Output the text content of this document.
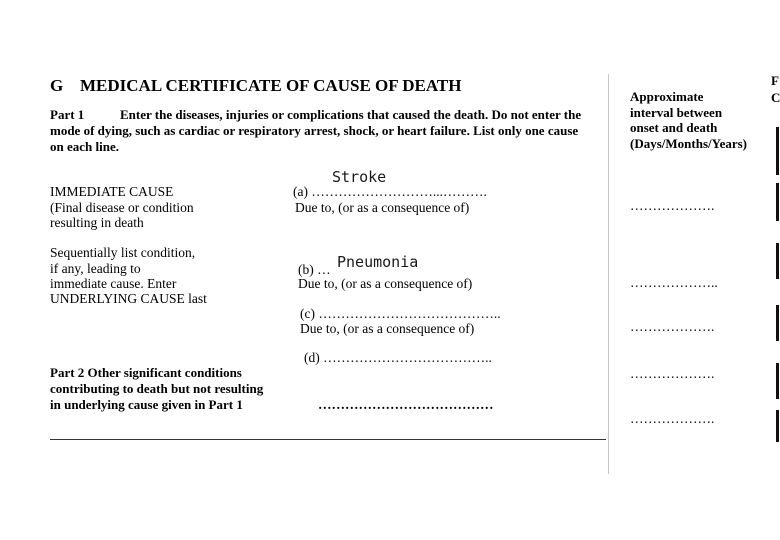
G MEDICAL CERTIFICATE OF CAUSE OF DEATH
Part 1	Enter the diseases, injuries or complications that caused the death. Do not enter the
mode of dying, such as cardiac or respiratory arrest, shock, or heart failure. List only one cause
on each line.
Approximate
interval between
onset and death
(Days/Months/Years)
F
C
IMMEDIATE CAUSE
(Final disease or condition
resulting in death
Stroke
(a) ………………………...……….
Due to, (or as a consequence of)
Sequentially list condition,
if any, leading to
immediate cause. Enter
UNDERLYING CAUSE last
(b) … Pneumonia
Due to, (or as a consequence of)
(c) …………………………………..
Due to, (or as a consequence of)
(d) ………………………………..
Part 2 Other significant conditions
contributing to death but not resulting
in underlying cause given in Part 1	…………………………………
……………….
………………..
……………….
……………….
……………….
